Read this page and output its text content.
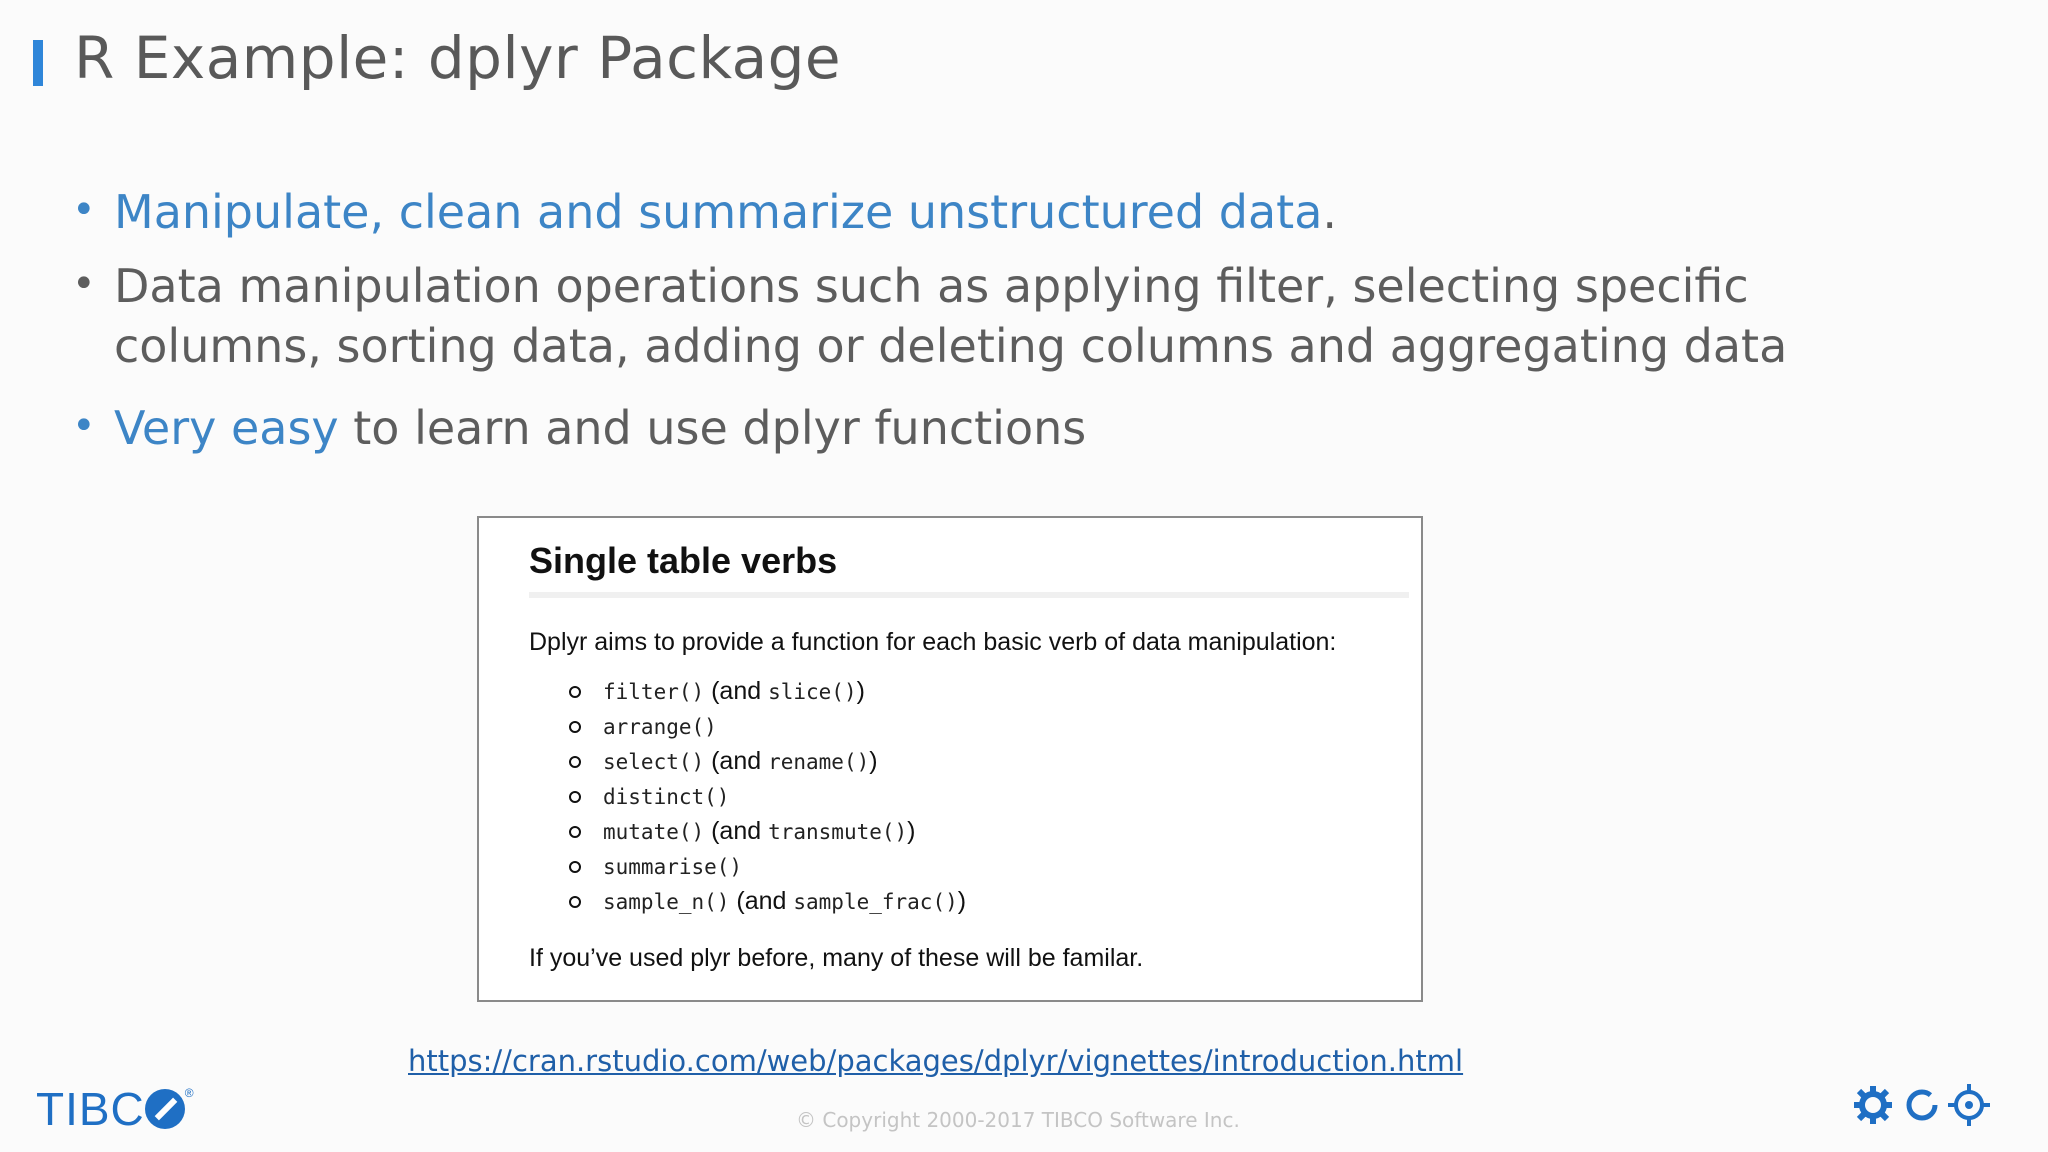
R Example: dplyr Package
• Manipulate, clean and summarize unstructured data.
• Data manipulation operations such as applying filter, selecting specific
columns, sorting data, adding or deleting columns and aggregating data
• Very easy to learn and use dplyr functions
Single table verbs
Dplyr aims to provide a function for each basic verb of data manipulation:
filter() (and slice())
arrange()
select() (and rename())
distinct()
mutate() (and transmute())
summarise()
sample_n() (and sample_frac())
If you’ve used plyr before, many of these will be familar.
https://cran.rstudio.com/web/packages/dplyr/vignettes/introduction.html
© Copyright 2000-2017 TIBCO Software Inc.
TIBC	®
